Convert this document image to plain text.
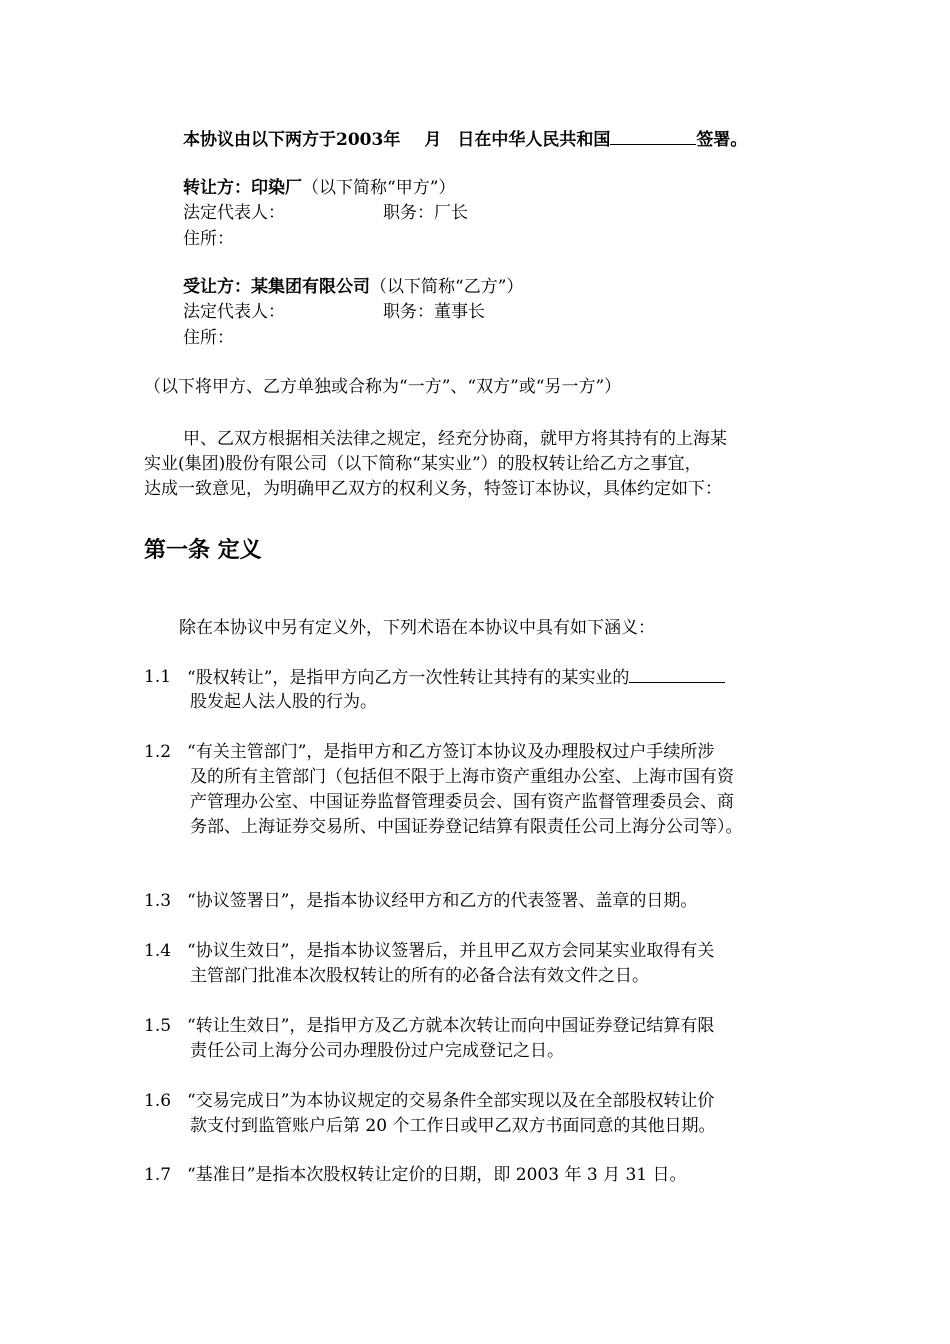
本协议由以下两方于2003年 月 日在中华人民共和国	签署。
转让方：印染厂（以下简称“甲方”）
法定代表人：	职务：厂长
住所：
受让方：某集团有限公司（以下简称“乙方”）
法定代表人：	职务：董事长
住所：
（以下将甲方、乙方单独或合称为“一方”、“双方”或“另一方”）
甲、乙双方根据相关法律之规定，经充分协商，就甲方将其持有的上海某
实业(集团)股份有限公司（以下简称“某实业”）的股权转让给乙方之事宜，
达成一致意见，为明确甲乙双方的权利义务，特签订本协议，具体约定如下：
第一条 定义
除在本协议中另有定义外，下列术语在本协议中具有如下涵义：
1.1 “股权转让”，是指甲方向乙方一次性转让其持有的某实业的
股发起人法人股的行为。
1.2 “有关主管部门”，是指甲方和乙方签订本协议及办理股权过户手续所涉
及的所有主管部门（包括但不限于上海市资产重组办公室、上海市国有资
产管理办公室、中国证券监督管理委员会、国有资产监督管理委员会、商
务部、上海证券交易所、中国证券登记结算有限责任公司上海分公司等）。
1.3 “协议签署日”，是指本协议经甲方和乙方的代表签署、盖章的日期。
1.4 “协议生效日”，是指本协议签署后，并且甲乙双方会同某实业取得有关
主管部门批准本次股权转让的所有的必备合法有效文件之日。
1.5 “转让生效日”，是指甲方及乙方就本次转让而向中国证券登记结算有限
责任公司上海分公司办理股份过户完成登记之日。
1.6 “交易完成日”为本协议规定的交易条件全部实现以及在全部股权转让价
款支付到监管账户后第 20 个工作日或甲乙双方书面同意的其他日期。
1.7 “基准日”是指本次股权转让定价的日期，即 2003 年 3 月 31 日。
